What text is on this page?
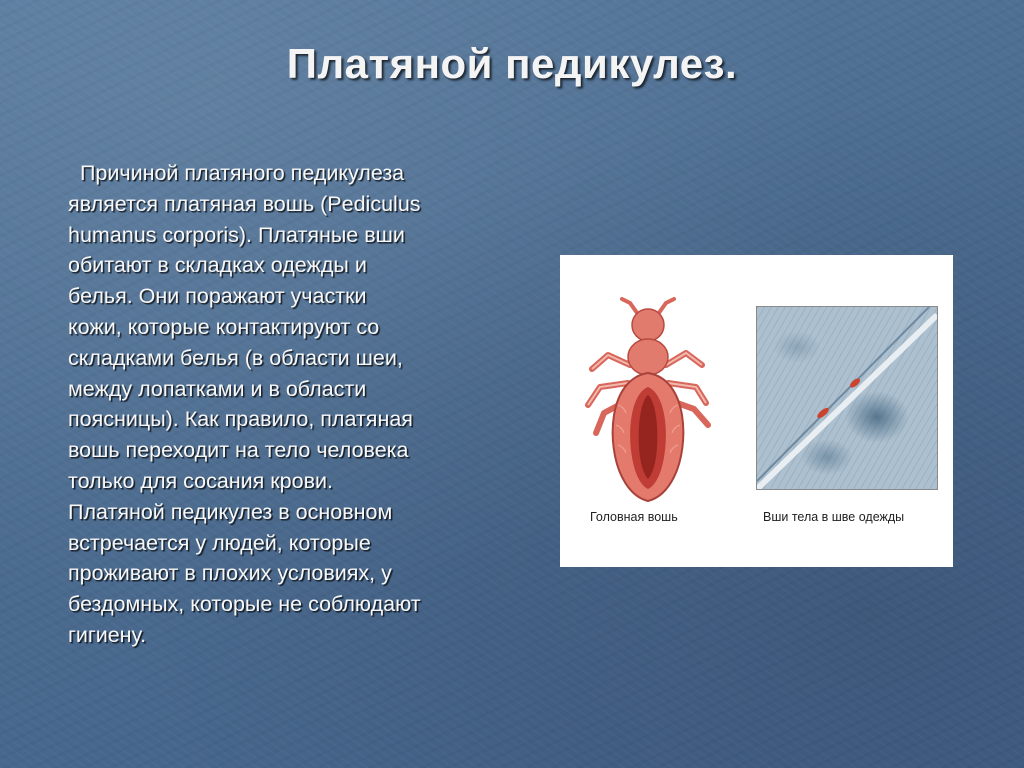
Платяной педикулез.

Причиной платяного педикулеза
является платяная вошь (Pediculus
humanus corporis). Платяные вши
обитают в складках одежды и
белья. Они поражают участки
кожи, которые контактируют со
складками белья (в области шеи,
между лопатками и в области
поясницы). Как правило, платяная
вошь переходит на тело человека
только для сосания крови.
Платяной педикулез в основном
встречается у людей, которые
проживают в плохих условиях, у
бездомных, которые не соблюдают
гигиену.

Головная вошь	Вши тела в шве одежды
